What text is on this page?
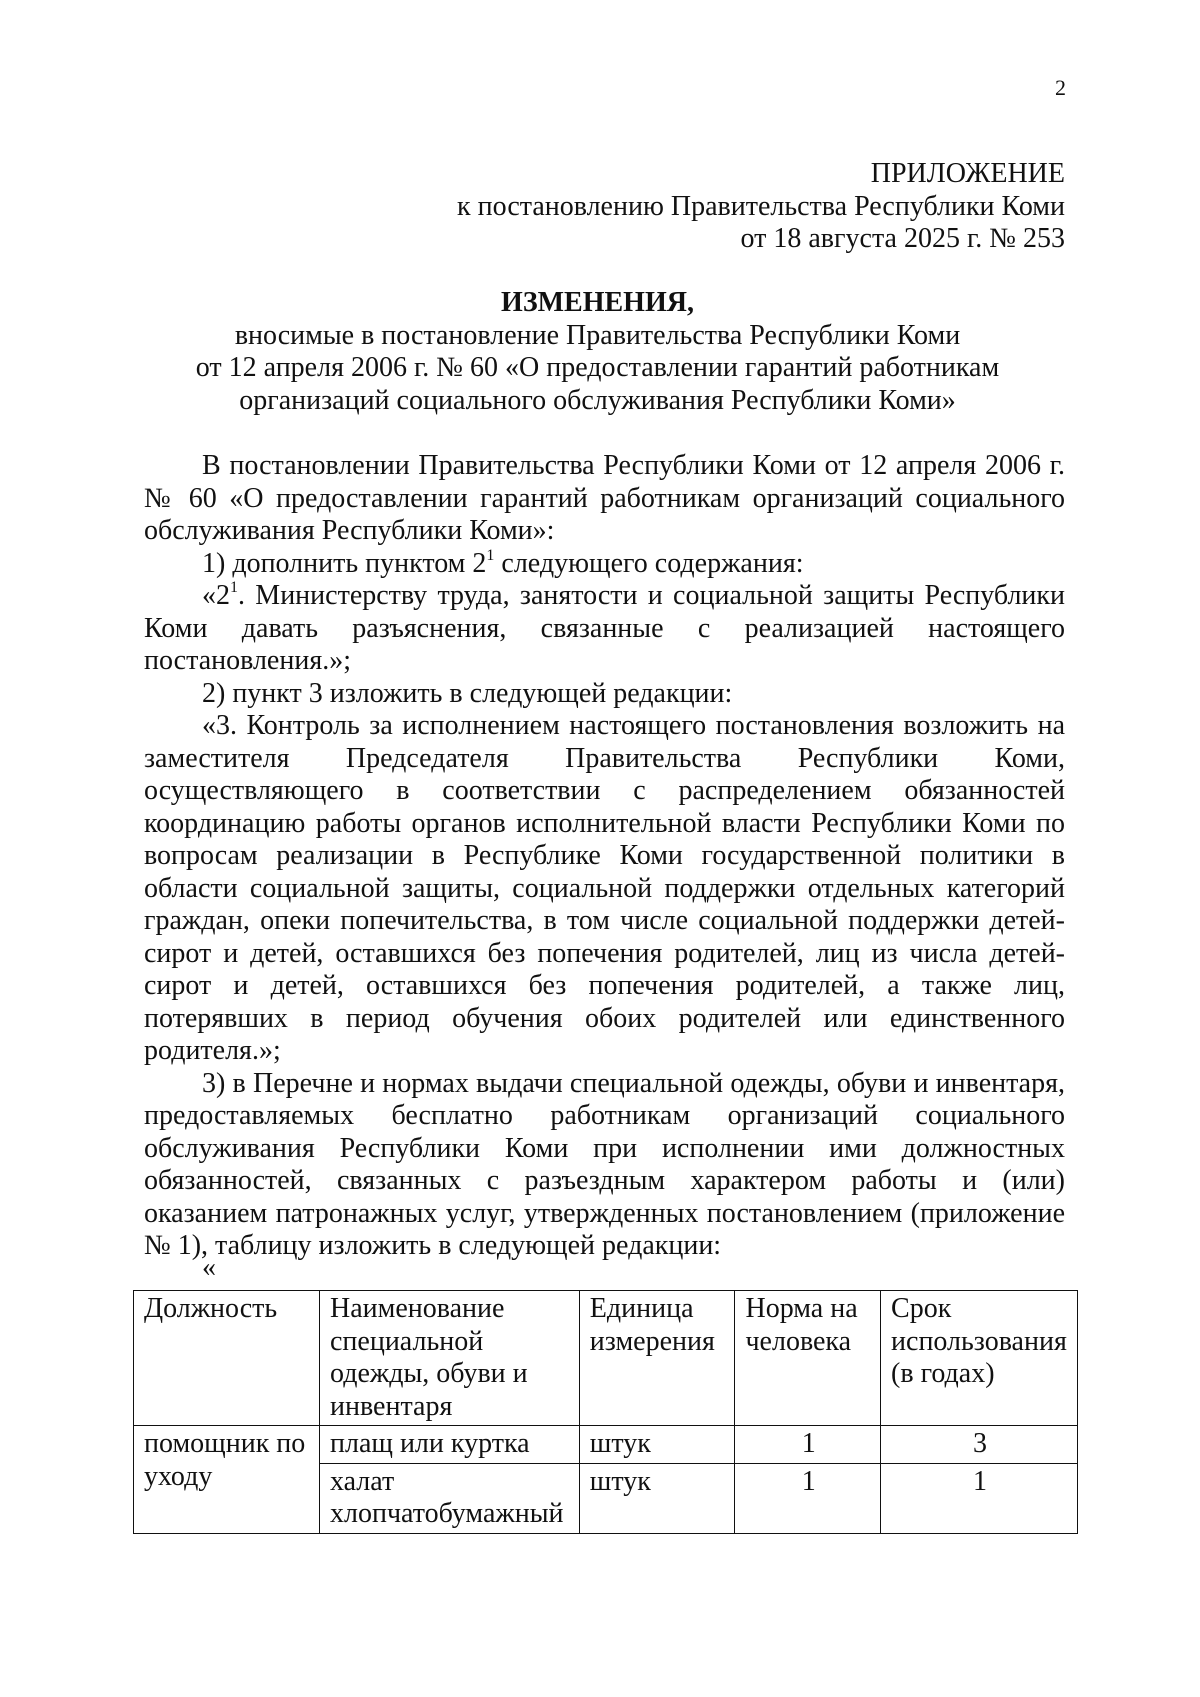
2
ПРИЛОЖЕНИЕ
к постановлению Правительства Республики Коми
от 18 августа 2025 г. № 253
ИЗМЕНЕНИЯ,
вносимые в постановление Правительства Республики Коми
от 12 апреля 2006 г. № 60 «О предоставлении гарантий работникам
организаций социального обслуживания Республики Коми»

В постановлении Правительства Республики Коми от 12 апреля 2006 г. № 60 «О предоставлении гарантий работникам организаций социального обслуживания Республики Коми»:

1) дополнить пунктом $2^1$ следующего содержания:

«$2^1$. Министерству труда, занятости и социальной защиты Республики Коми давать разъяснения, связанные с реализацией настоящего постановления.»;

2) пункт 3 изложить в следующей редакции:

«3. Контроль за исполнением настоящего постановления возложить на заместителя Председателя Правительства Республики Коми, осуществляющего в соответствии с распределением обязанностей координацию работы органов исполнительной власти Республики Коми по вопросам реализации в Республике Коми государственной политики в области социальной защиты, социальной поддержки отдельных категорий граждан, опеки попечительства, в том числе социальной поддержки детей-сирот и детей, оставшихся без попечения родителей, лиц из числа детей-сирот и детей, оставшихся без попечения родителей, а также лиц, потерявших в период обучения обоих родителей или единственного родителя.»;

3) в Перечне и нормах выдачи специальной одежды, обуви и инвентаря, предоставляемых бесплатно работникам организаций социального обслуживания Республики Коми при исполнении ими должностных обязанностей, связанных с разъездным характером работы и (или) оказанием патронажных услуг, утвержденных постановлением (приложение № 1), таблицу изложить в следующей редакции:

«
Должность	Наименование специальной одежды, обуви и инвентаря	Единица измерения	Норма на человека	Срок использования (в годах)
помощник по уходу	плащ или куртка	штук	1	3
	халат хлопчатобумажный	штук	1	1
